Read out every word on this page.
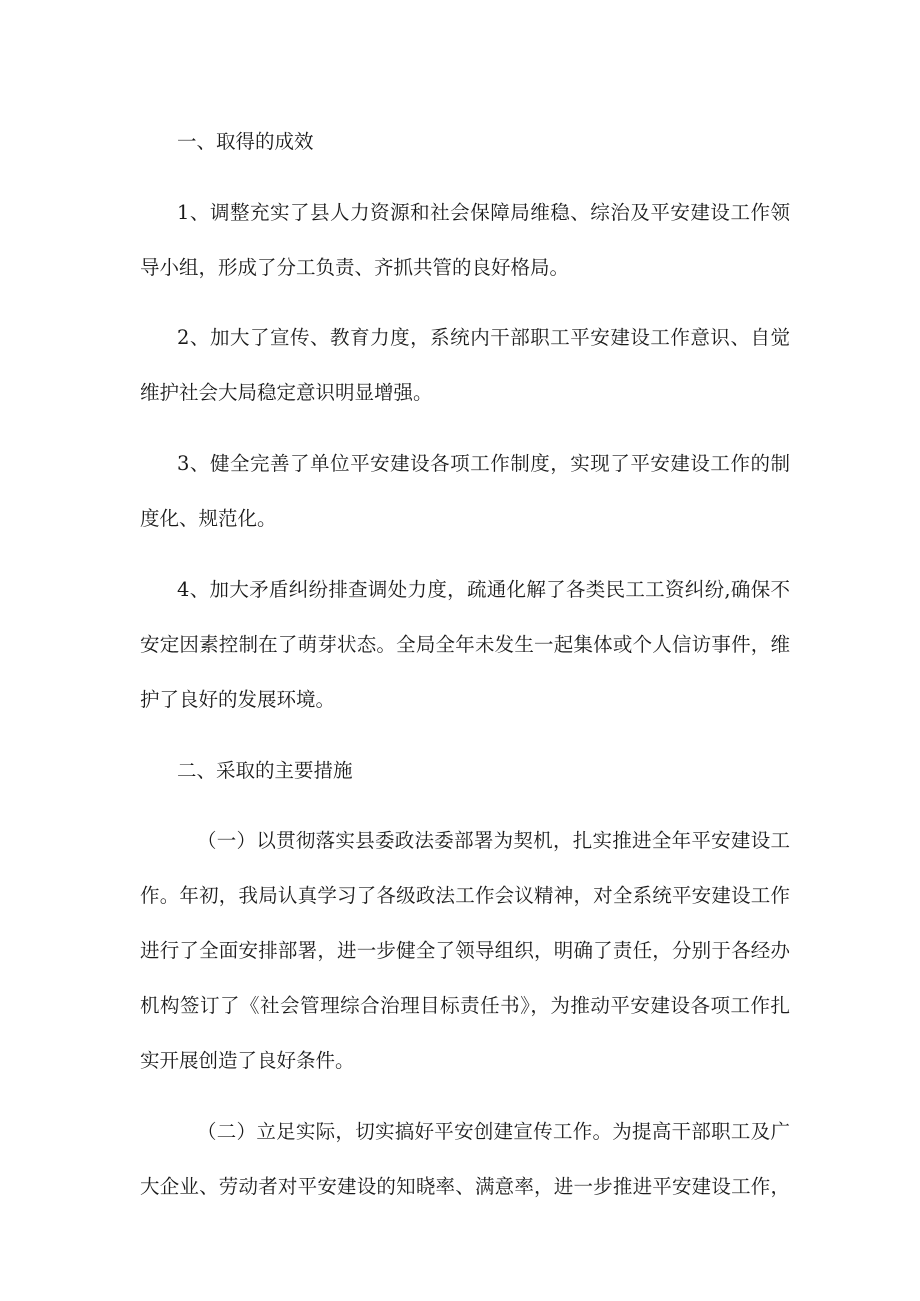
一、取得的成效
1、调整充实了县人力资源和社会保障局维稳、综治及平安建设工作领
导小组，形成了分工负责、齐抓共管的良好格局。
2、加大了宣传、教育力度，系统内干部职工平安建设工作意识、自觉
维护社会大局稳定意识明显增强。
3、健全完善了单位平安建设各项工作制度，实现了平安建设工作的制
度化、规范化。
4、加大矛盾纠纷排查调处力度，疏通化解了各类民工工资纠纷,确保不
安定因素控制在了萌芽状态。全局全年未发生一起集体或个人信访事件，维
护了良好的发展环境。
二、采取的主要措施
（一）以贯彻落实县委政法委部署为契机，扎实推进全年平安建设工
作。年初，我局认真学习了各级政法工作会议精神，对全系统平安建设工作
进行了全面安排部署，进一步健全了领导组织，明确了责任，分别于各经办
机构签订了《社会管理综合治理目标责任书》，为推动平安建设各项工作扎
实开展创造了良好条件。
（二）立足实际，切实搞好平安创建宣传工作。为提高干部职工及广
大企业、劳动者对平安建设的知晓率、满意率，进一步推进平安建设工作，
